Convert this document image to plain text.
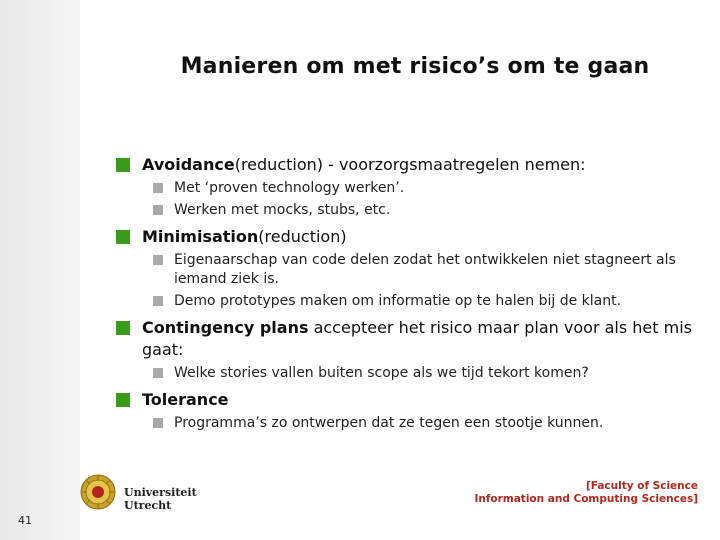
Manieren om met risico’s om te gaan
Avoidance(reduction) - voorzorgsmaatregelen nemen:
Met ‘proven technology werken’.
Werken met mocks, stubs, etc.
Minimisation(reduction)
Eigenaarschap van code delen zodat het ontwikkelen niet stagneert als iemand ziek is.
Demo prototypes maken om informatie op te halen bij de klant.
Contingency plans accepteer het risico maar plan voor als het mis gaat:
Welke stories vallen buiten scope als we tijd tekort komen?
Tolerance
Programma’s zo ontwerpen dat ze tegen een stootje kunnen.
Universiteit Utrecht
[Faculty of Science
Information and Computing Sciences]
41
